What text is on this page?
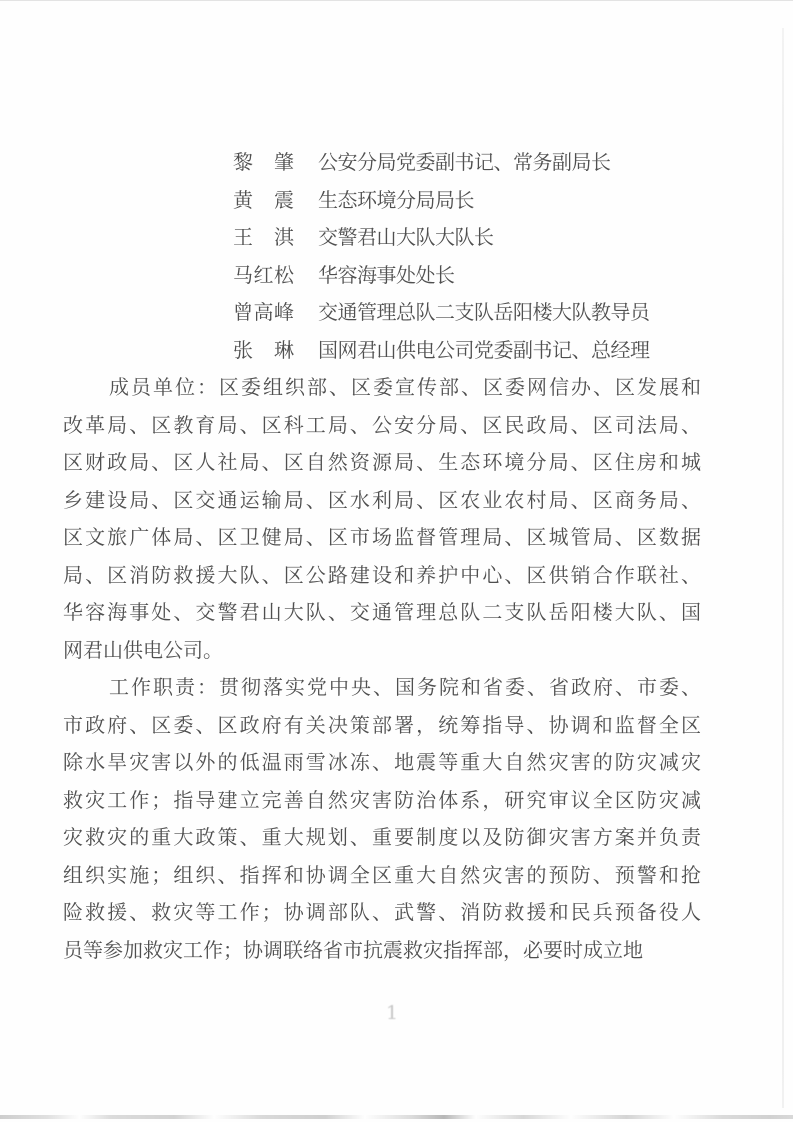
黎　肇 公安分局党委副书记、常务副局长
黄　震 生态环境分局局长
王　淇 交警君山大队大队长
马红松 华容海事处处长
曾高峰 交通管理总队二支队岳阳楼大队教导员
张　琳 国网君山供电公司党委副书记、总经理
成员单位：区委组织部、区委宣传部、区委网信办、区发展和
改革局、区教育局、区科工局、公安分局、区民政局、区司法局、
区财政局、区人社局、区自然资源局、生态环境分局、区住房和城
乡建设局、区交通运输局、区水利局、区农业农村局、区商务局、
区文旅广体局、区卫健局、区市场监督管理局、区城管局、区数据
局、区消防救援大队、区公路建设和养护中心、区供销合作联社、
华容海事处、交警君山大队、交通管理总队二支队岳阳楼大队、国
网君山供电公司。
工作职责：贯彻落实党中央、国务院和省委、省政府、市委、
市政府、区委、区政府有关决策部署，统筹指导、协调和监督全区
除水旱灾害以外的低温雨雪冰冻、地震等重大自然灾害的防灾减灾
救灾工作；指导建立完善自然灾害防治体系，研究审议全区防灾减
灾救灾的重大政策、重大规划、重要制度以及防御灾害方案并负责
组织实施；组织、指挥和协调全区重大自然灾害的预防、预警和抢
险救援、救灾等工作；协调部队、武警、消防救援和民兵预备役人
员等参加救灾工作；协调联络省市抗震救灾指挥部，必要时成立地
1
